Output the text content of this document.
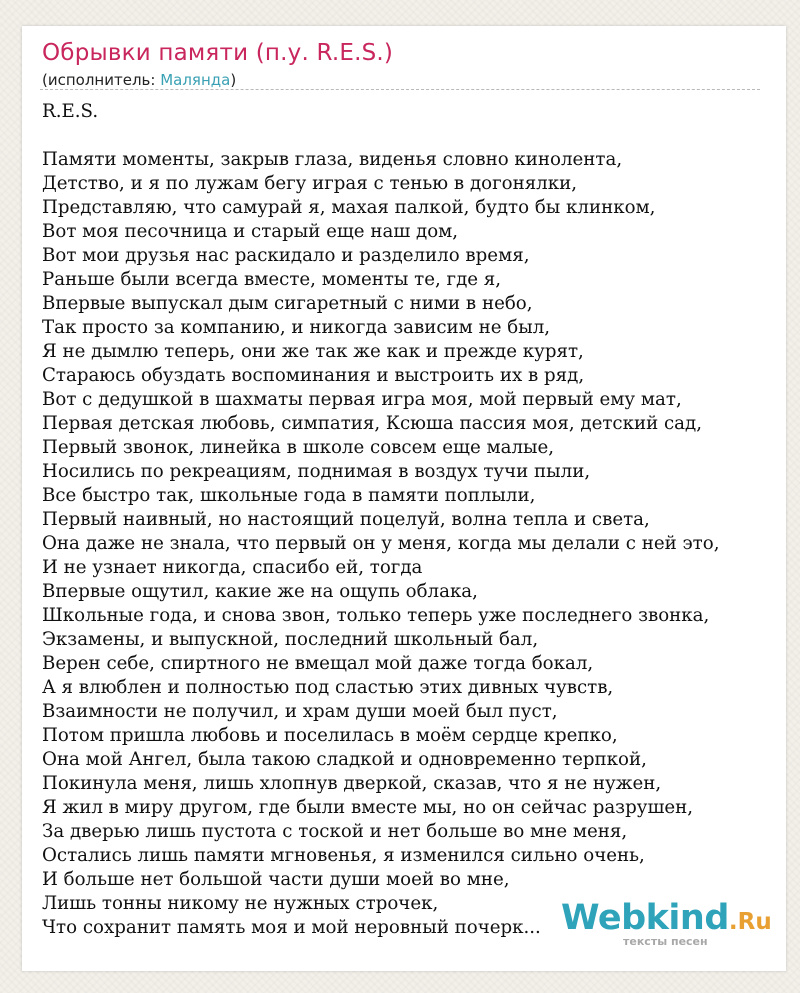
Обрывки памяти (п.у. R.E.S.)
(исполнитель: Малянда)
R.E.S.
Памяти моменты, закрыв глаза, виденья словно кинолента,
Детство, и я по лужам бегу играя с тенью в догонялки,
Представляю, что самурай я, махая палкой, будто бы клинком,
Вот моя песочница и старый еще наш дом,
Вот мои друзья нас раскидало и разделило время,
Раньше были всегда вместе, моменты те, где я,
Впервые выпускал дым сигаретный с ними в небо,
Так просто за компанию, и никогда зависим не был,
Я не дымлю теперь, они же так же как и прежде курят,
Стараюсь обуздать воспоминания и выстроить их в ряд,
Вот с дедушкой в шахматы первая игра моя, мой первый ему мат,
Первая детская любовь, симпатия, Ксюша пассия моя, детский сад,
Первый звонок, линейка в школе совсем еще малые,
Носились по рекреациям, поднимая в воздух тучи пыли,
Все быстро так, школьные года в памяти поплыли,
Первый наивный, но настоящий поцелуй, волна тепла и света,
Она даже не знала, что первый он у меня, когда мы делали с ней это,
И не узнает никогда, спасибо ей, тогда
Впервые ощутил, какие же на ощупь облака,
Школьные года, и снова звон, только теперь уже последнего звонка,
Экзамены, и выпускной, последний школьный бал,
Верен себе, спиртного не вмещал мой даже тогда бокал,
А я влюблен и полностью под сластью этих дивных чувств,
Взаимности не получил, и храм души моей был пуст,
Потом пришла любовь и поселилась в моём сердце крепко,
Она мой Ангел, была такою сладкой и одновременно терпкой,
Покинула меня, лишь хлопнув дверкой, сказав, что я не нужен,
Я жил в миру другом, где были вместе мы, но он сейчас разрушен,
За дверью лишь пустота с тоской и нет больше во мне меня,
Остались лишь памяти мгновенья, я изменился сильно очень,
И больше нет большой части души моей во мне,
Лишь тонны никому не нужных строчек,
Что сохранит память моя и мой неровный почерк... Webkind.Ru
тексты песен
